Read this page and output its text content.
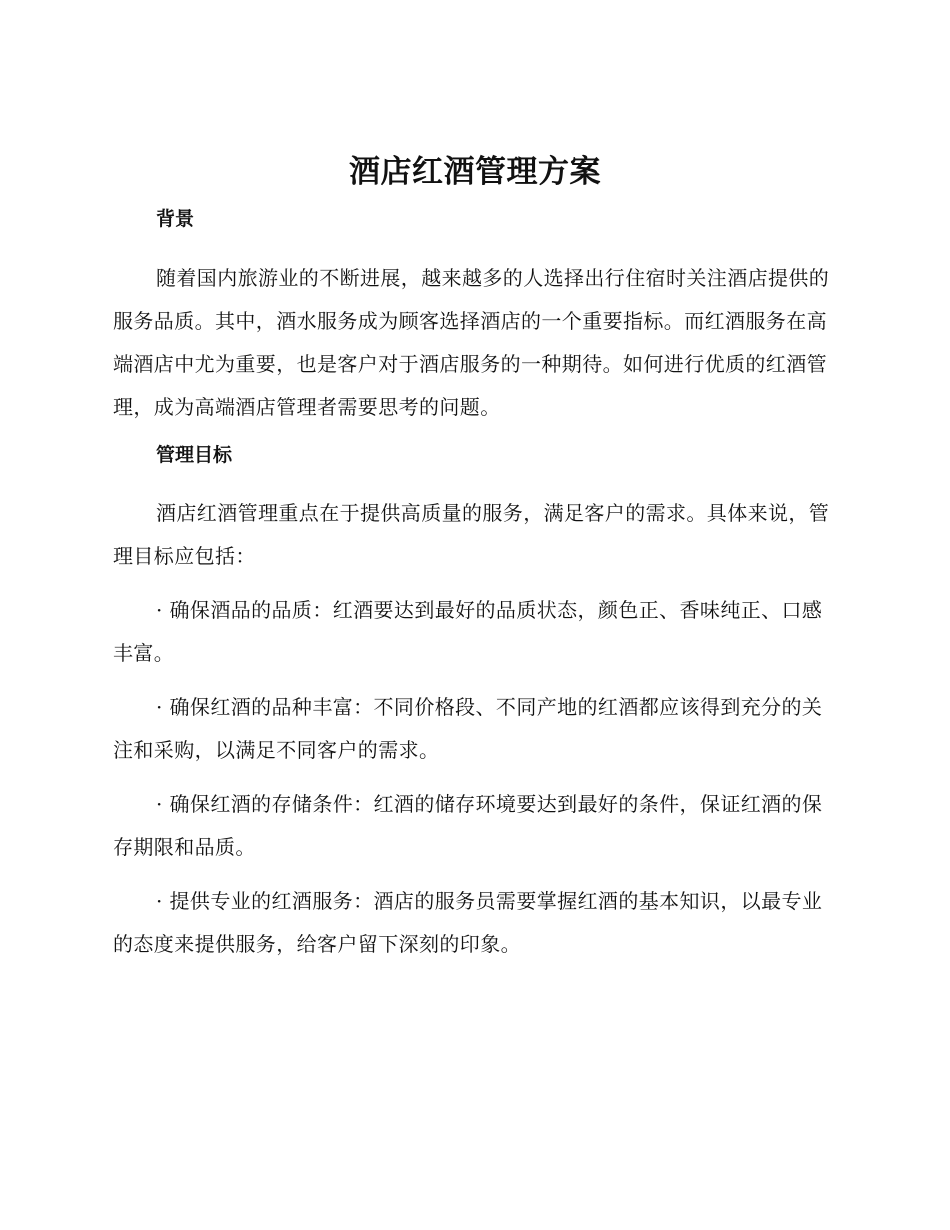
酒店红酒管理方案
背景

随着国内旅游业的不断进展，越来越多的人选择出行住宿时关注酒店提供的服务品质。其中，酒水服务成为顾客选择酒店的一个重要指标。而红酒服务在高端酒店中尤为重要，也是客户对于酒店服务的一种期待。如何进行优质的红酒管理，成为高端酒店管理者需要思考的问题。

管理目标

酒店红酒管理重点在于提供高质量的服务，满足客户的需求。具体来说，管理目标应包括：

· 确保酒品的品质：红酒要达到最好的品质状态，颜色正、香味纯正、口感丰富。

· 确保红酒的品种丰富：不同价格段、不同产地的红酒都应该得到充分的关注和采购，以满足不同客户的需求。

· 确保红酒的存储条件：红酒的储存环境要达到最好的条件，保证红酒的保存期限和品质。

· 提供专业的红酒服务：酒店的服务员需要掌握红酒的基本知识，以最专业的态度来提供服务，给客户留下深刻的印象。
